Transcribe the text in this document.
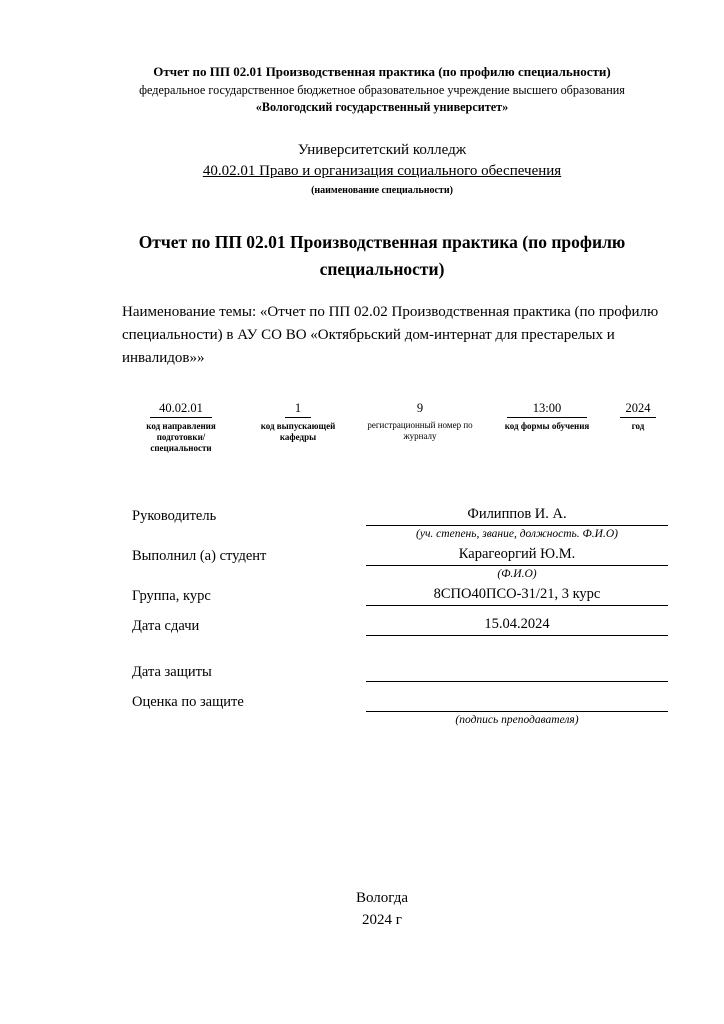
Отчет по ПП 02.01 Производственная практика (по профилю специальности)
федеральное государственное бюджетное образовательное учреждение высшего образования
«Вологодский государственный университет»
Университетский колледж
40.02.01 Право и организация социального обеспечения
(наименование специальности)
Отчет по ПП 02.01 Производственная практика (по профилю специальности)
Наименование темы: «Отчет по ПП 02.02 Производственная практика (по профилю специальности) в АУ СО ВО «Октябрьский дом-интернат для престарелых и инвалидов»»
40.02.01
код направления подготовки/ специальности
1
код выпускающей кафедры
9
регистрационный номер по журналу
13:00
код формы обучения
2024
год
Руководитель	Филиппов И. А.
(уч. степень, звание, должность. Ф.И.О)
Выполнил (а) студент	Карагеоргий Ю.М.
(Ф.И.О)
Группа, курс	8СПО40ПСО-31/21, 3 курс
Дата сдачи	15.04.2024
Дата защиты
Оценка по защите
(подпись преподавателя)
Вологда
2024 г
